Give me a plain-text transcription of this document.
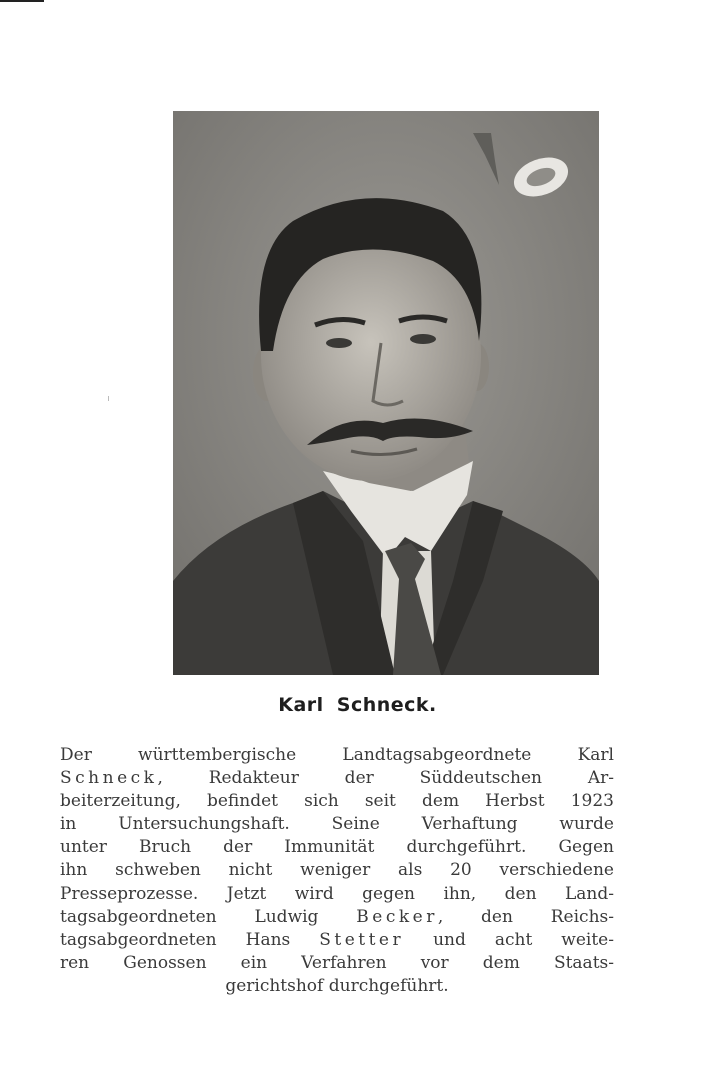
Karl Schneck.
Der württembergische Landtagsabgeordnete Karl
Schneck, Redakteur der Süddeutschen Ar-
beiterzeitung, befindet sich seit dem Herbst 1923
in Untersuchungshaft. Seine Verhaftung wurde
unter Bruch der Immunität durchgeführt. Gegen
ihn schweben nicht weniger als 20 verschiedene
Presseprozesse. Jetzt wird gegen ihn, den Land-
tagsabgeordneten Ludwig Becker, den Reichs-
tagsabgeordneten Hans Stetter und acht weite-
ren Genossen ein Verfahren vor dem Staats-
gerichtshof durchgeführt.
